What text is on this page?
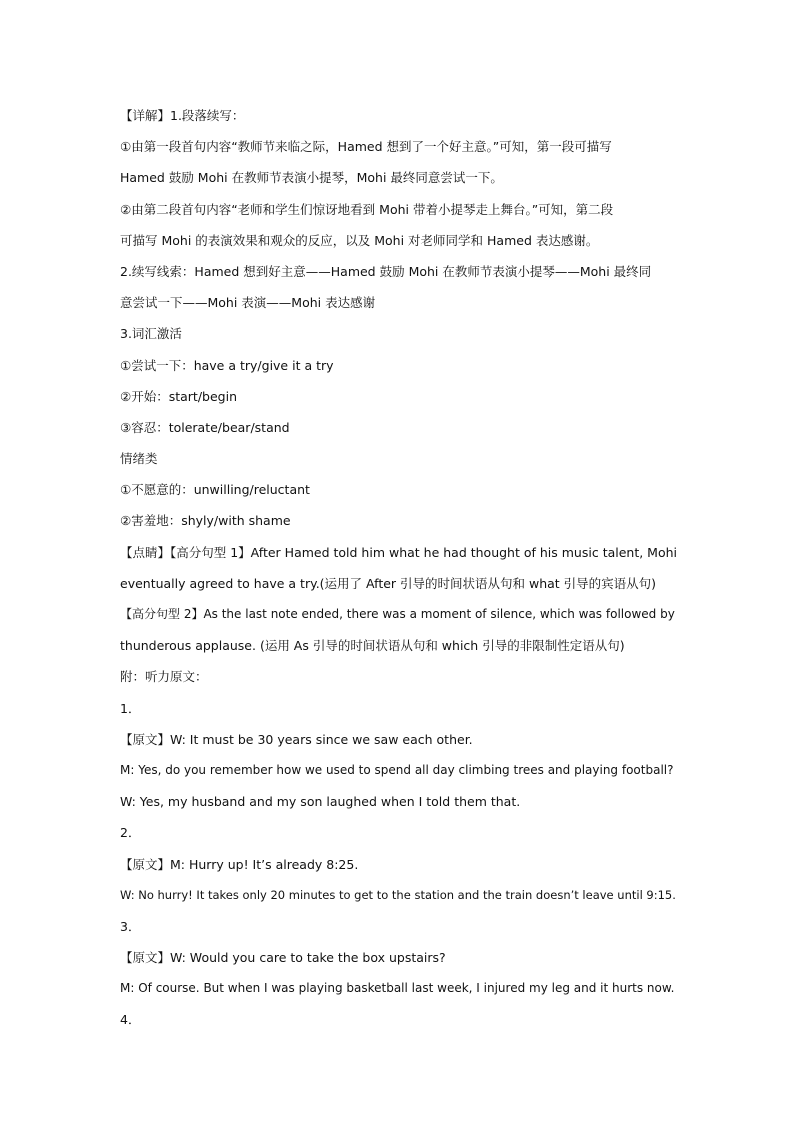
【详解】1.段落续写：
①由第一段首句内容“教师节来临之际，Hamed 想到了一个好主意。”可知，第一段可描写
Hamed 鼓励 Mohi 在教师节表演小提琴，Mohi 最终同意尝试一下。
②由第二段首句内容“老师和学生们惊讶地看到 Mohi 带着小提琴走上舞台。”可知，第二段
可描写 Mohi 的表演效果和观众的反应，以及 Mohi 对老师同学和 Hamed 表达感谢。
2.续写线索：Hamed 想到好主意——Hamed 鼓励 Mohi 在教师节表演小提琴——Mohi 最终同
意尝试一下——Mohi 表演——Mohi 表达感谢
3.词汇激活
①尝试一下：have a try/give it a try
②开始：start/begin
③容忍：tolerate/bear/stand
情绪类
①不愿意的：unwilling/reluctant
②害羞地：shyly/with shame
【点睛】【高分句型 1】After Hamed told him what he had thought of his music talent, Mohi
eventually agreed to have a try.(运用了 After 引导的时间状语从句和 what 引导的宾语从句)
【高分句型 2】As the last note ended, there was a moment of silence, which was followed by
thunderous applause. (运用 As 引导的时间状语从句和 which 引导的非限制性定语从句)
附：听力原文：
1．
【原文】W: It must be 30 years since we saw each other.
M: Yes, do you remember how we used to spend all day climbing trees and playing football?
W: Yes, my husband and my son laughed when I told them that.
2．
【原文】M: Hurry up! It’s already 8:25.
W: No hurry! It takes only 20 minutes to get to the station and the train doesn’t leave until 9:15.
3．
【原文】W: Would you care to take the box upstairs?
M: Of course. But when I was playing basketball last week, I injured my leg and it hurts now.
4．
